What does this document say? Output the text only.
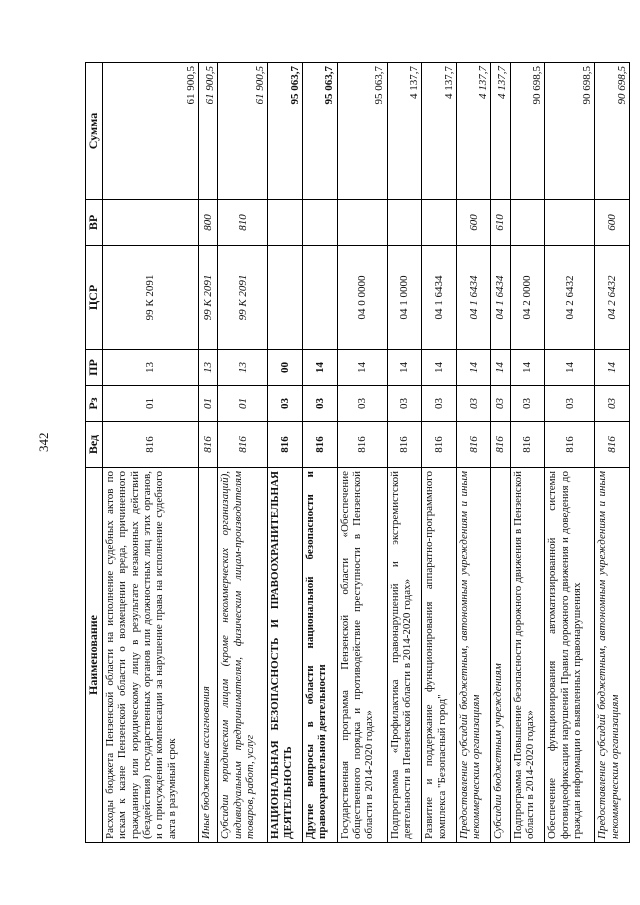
342
Наименование	Вед	Рз	ПР	ЦСР	ВР	Сумма
Расходы бюджета Пензенской области на исполнение судебных актов по искам к казне Пензенской области о возмещении вреда, причиненного гражданину или юридическому лицу в результате незаконных действий (бездействия) государственных органов или должностных лиц этих органов, и о присуждении компенсации за нарушение права на исполнение судебного акта в разумный срок	816	01	13	99 К 2091		61 900,5
Иные бюджетные ассигнования	816	01	13	99 К 2091	800	61 900,5
Субсидии юридическим лицам (кроме некоммерческих организаций), индивидуальным предпринимателям, физическим лицам-производителям товаров, работ, услуг	816	01	13	99 К 2091	810	61 900,5
НАЦИОНАЛЬНАЯ БЕЗОПАСНОСТЬ И ПРАВООХРАНИТЕЛЬНАЯ ДЕЯТЕЛЬНОСТЬ	816	03	00			95 063,7
Другие вопросы в области национальной безопасности и правоохранительной деятельности	816	03	14			95 063,7
Государственная программа Пензенской области «Обеспечение общественного порядка и противодействие преступности в Пензенской области в 2014-2020 годах»	816	03	14	04 0 0000		95 063,7
Подпрограмма «Профилактика правонарушений и экстремистской деятельности в Пензенской области в 2014-2020 годах»	816	03	14	04 1 0000		4 137,7
Развитие и поддержание функционирования аппаратно-программного комплекса "Безопасный город"	816	03	14	04 1 6434		4 137,7
Предоставление субсидий бюджетным, автономным учреждениям и иным некоммерческим организациям	816	03	14	04 1 6434	600	4 137,7
Субсидии бюджетным учреждениям	816	03	14	04 1 6434	610	4 137,7
Подпрограмма «Повышение безопасности дорожного движения в Пензенской области в 2014-2020 годах»	816	03	14	04 2 0000		90 698,5
Обеспечение функционирования автоматизированной системы фотовидеофиксации нарушений Правил дорожного движения и доведения до граждан информации о выявленных правонарушениях	816	03	14	04 2 6432		90 698,5
Предоставление субсидий бюджетным, автономным учреждениям и иным некоммерческим организациям	816	03	14	04 2 6432	600	90 698,5
